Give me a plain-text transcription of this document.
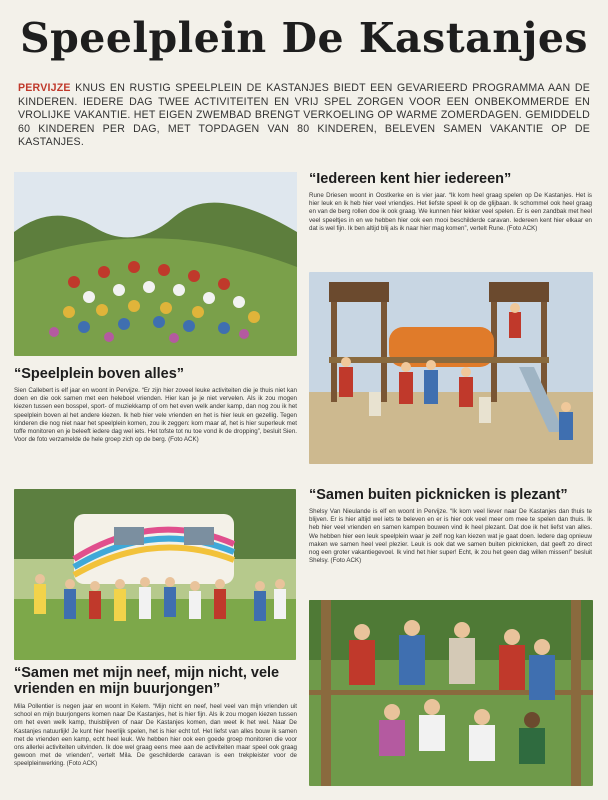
Speelplein De Kastanjes
PERVIJZE KNUS EN RUSTIG SPEELPLEIN DE KASTANJES BIEDT EEN GEVARIEERD PROGRAMMA AAN DE KINDEREN. IEDERE DAG TWEE ACTIVITEITEN EN VRIJ SPEL ZORGEN VOOR EEN ONBEKOMMERDE EN VROLIJKE VAKANTIE. HET EIGEN ZWEMBAD BRENGT VERKOELING OP WARME ZOMERDAGEN. GEMIDDELD 60 KINDEREN PER DAG, MET TOPDAGEN VAN 80 KINDEREN, BELEVEN SAMEN VAKANTIE OP DE KASTANJES.
“Iedereen kent hier iedereen”
Rune Driesen woont in Oostkerke en is vier jaar. “Ik kom heel graag spelen op De Kastanjes. Het is hier leuk en ik heb hier veel vriendjes. Het liefste speel ik op de glijbaan. Ik schommel ook heel graag en van de berg rollen doe ik ook graag. We kunnen hier lekker veel spelen. Er is een zandbak met heel veel speeltjes in en we hebben hier ook een mooi beschilderde caravan. Iedereen kent hier elkaar en dat is wel fijn. Ik ben altijd blij als ik naar hier mag komen”, vertelt Rune. (Foto ACK)
“Speelplein boven alles”
Sien Callebert is elf jaar en woont in Pervijze. “Er zijn hier zoveel leuke activiteiten die je thuis niet kan doen en die ook samen met een heleboel vrienden. Hier kan je je niet vervelen. Als ik zou mogen kiezen tussen een bosspel, sport- of muziekkamp of om het even welk ander kamp, dan nog zou ik het speelplein boven al het andere kiezen. Ik heb hier vele vrienden en het is hier leuk en gezellig. Tegen kinderen die nog niet naar het speelplein komen, zou ik zeggen: kom maar af, het is hier superleuk met toffe monitoren en je beleeft iedere dag wel iets. Het tofste tot nu toe vond ik de dropping”, besluit Sien. Voor de foto verzamelde de hele groep zich op de berg. (Foto ACK)
“Samen buiten picknicken is plezant”
Shelsy Van Nieulande is elf en woont in Pervijze. “Ik kom veel liever naar De Kastanjes dan thuis te blijven. Er is hier altijd wel iets te beleven en er is hier ook veel meer om mee te spelen dan thuis. Ik heb hier veel vrienden en samen kampen bouwen vind ik heel plezant. Dat doe ik het liefst van alles. We hebben hier een leuk speelplein waar je zelf nog kan kiezen wat je gaat doen. Iedere dag opnieuw maken we samen heel veel plezier. Leuk is ook dat we samen buiten picknicken, dat geeft zo direct nog een groter vakantiegevoel. Ik vind het hier super! Echt, ik zou het geen dag willen missen!” besluit Shelsy. (Foto ACK)
“Samen met mijn neef, mijn nicht, vele vrienden en mijn buurjongen”
Mila Pollentier is negen jaar en woont in Kelem. “Mijn nicht en neef, heel veel van mijn vrienden uit school en mijn buurjongens komen naar De Kastanjes, het is hier fijn. Als ik zou mogen kiezen tussen om het even welk kamp, thuisblijven of naar De Kastanjes komen, dan weet ik het wel. Naar De Kastanjes natuurlijk! Je kunt hier heerlijk spelen, het is hier echt tof. Het liefst van alles bouw ik samen met de vrienden een kamp, echt heel leuk. We hebben hier ook een goede groep monitoren die voor ons allerlei activiteiten uitvinden. Ik doe wel graag eens mee aan de activiteiten maar speel ook graag gewoon met de vrienden”, vertelt Mila. De geschilderde caravan is een trekpleister voor de speelpleinwerking. (Foto ACK)
